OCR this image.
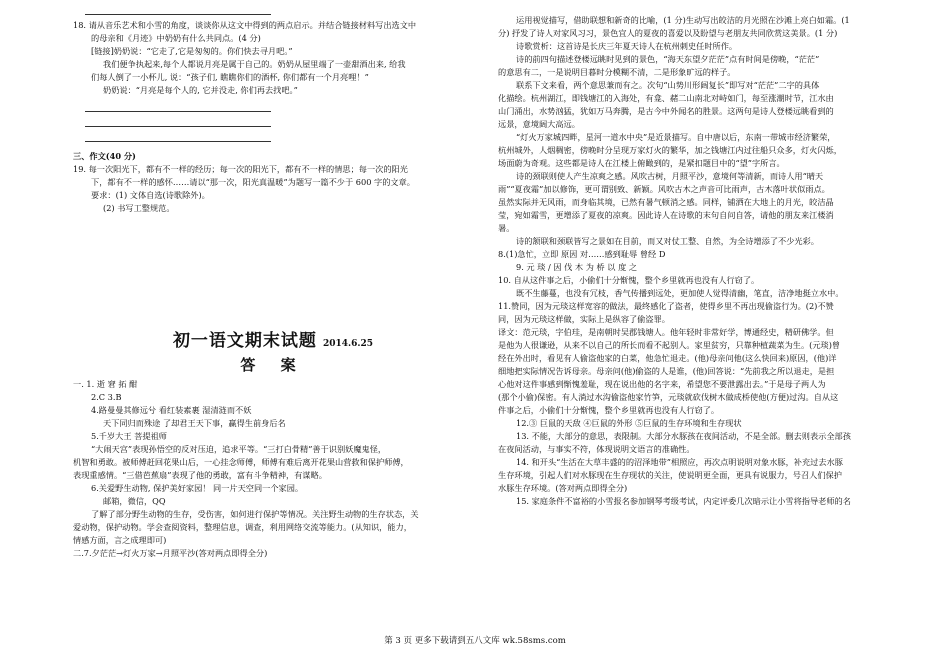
18. 请从音乐艺术和小雪的角度，谈谈你从这文中得到的两点启示。并结合链接材料写出选文中
的母亲和《月迹》中奶奶有什么共同点。(4 分)
[链接]奶奶说：“它走了,它是匆匆的。你们快去寻月吧。”
我们便争执起来,每个人都说月亮是属于自己的。奶奶从屋里端了一壶甜酒出来, 给我
们每人倒了一小杯儿, 说：“孩子们, 瞧瞧你们的酒杯, 你们都有一个月亮哩！”
奶奶说：“月亮是每个人的, 它并没走, 你们再去找吧。”
三、作文(40 分)
19. 每一次阳光下，都有不一样的经历；每一次的阳光下，都有不一样的情思；每一次的阳光
下，都有不一样的感怀……请以“那一次，阳光真温暖”为题写一篇不少于 600 字的文章。
要求：(1) 文体自选(诗歌除外)。
(2) 书写工整规范。
初一语文期末试题 2014.6.25
答 案
一. 1. 逝 窘 拓 酣
2.C 3.B
4.路曼曼其修远兮 看红装素裹 湿清涟而不妖
天下同归而殊途 了却君王天下事，赢得生前身后名
5.千岁大王 菩提祖师
“大闹天宫”表现孙悟空的反对压迫，追求平等。“三打白骨精”善于识别妖魔鬼怪，
机智和勇敢。被师傅赶回花果山后，一心挂念师傅，师傅有难后离开花果山营救和保护师傅，
表现重感情。“三借芭蕉扇”表现了他的勇敢，富有斗争精神，有谋略。
6.关爱野生动物, 保护美好家园！ 同一片天空同一个家园。
邮箱，微信，QQ
了解了部分野生动物的生存，受伤害，如何进行保护等情况。关注野生动物的生存状态，关
爱动物，保护动物。学会查阅资料，整理信息，调查，利用网络交流等能力。(从知识，能力，
情感方面，言之成理即可)
二.7.夕茫茫→灯火万家→月照平沙(答对两点即得全分)
运用视觉描写，借助联想和新奇的比喻，(1 分)生动写出皎洁的月光照在沙滩上亮白如霜。(1
分) 抒发了诗人对家风习习，景色宜人的夏夜的喜爱以及盼望与老朋友共同欣赏这美景。(1 分)
诗歌赏析：这首诗是长庆三年夏天诗人在杭州刺史任时所作。
诗的前四句描述登楼远眺时见到的景色，“海天东望夕茫茫”点有时间是傍晚，“茫茫”
的意思有二，一是说明目暮时分模糊不清，二是形象旷远的样子。
联系下文来看，两个意思兼而有之。次句“山势川形阔复长”即写对“茫茫”二字的具体
化描绘。杭州湖江，即钱塘江的入海处，有龛、赭二山南北对峙如门，每至涨潮时节，江水由
山门涌出，水势汹猛，犹如万马奔腾，是古今中外闻名的胜景。这两句是诗人登楼远眺看到的
远景，意境阔大高远。
“灯火万家城四畔，星河一道水中央”是近景描写。自中唐以后，东南一带城市经济繁荣，
杭州城外，人烟稠密，傍晚时分呈现万家灯火的繁华，加之钱塘江内过往船只众多，灯火闪烁，
场面蔚为奇观。这些都是诗人在江楼上俯瞰到的，是紧扣题目中的“望”字所言。
诗的颈联则使人产生凉爽之感。风吹古树，月照平沙，意境何等清新，而诗人用“晴天
雨”“夏夜霜”加以修饰，更可谓别致、新颖。风吹古木之声音可比雨声，古木落叶状似雨点。
虽然实际并无风雨，而身临其境，已然有暑气顿消之感。同样，铺洒在大地上的月光，皎洁晶
莹，宛如霜雪，更增添了夏夜的凉爽。因此诗人在诗歌的末句自问自答，请他的朋友来江楼消
暑。
诗的颔联和颈联皆写之景如在目前，而又对仗工整、自然，为全诗增添了不少光彩。
8.(1)急忙，立即 原因 对……感到耻辱 曾经 D
9. 元 琰 / 因 伐 木 为 桥 以 度 之
10. 自从这件事之后，小偷们十分惭愧，整个乡里就再也没有人行窃了。
既不生藤蔓，也没有冗枝，香气传播到远处，更加使人觉得清幽，笔直，洁净地挺立水中。
11.赞同，因为元琰这样宽容的做法，最终感化了盗者，使得乡里不再出现偷盗行为。(2)不赞
同，因为元琰这样做，实际上是纵容了偷盗罪。
译文：范元琰，字伯珪，是南朝时吴郡钱塘人。他年轻时非常好学，博通经史，精研佛学。但
是他为人很谦逊，从来不以自己的所长而看不起别人。家里贫穷，只靠种植蔬菜为生。(元琰)曾
经在外出时，看见有人偷盗他家的白菜，他急忙退走。(他)母亲问他(这么快回来)原因，(他)详
细地把实际情况告诉母亲。母亲问(他)偷盗的人是谁，(他)回答说：“先前我之所以退走，是担
心他对这件事感到惭愧羞耻，现在说出他的名字来，希望您不要泄露出去。”于是母子两人为
(那个小偷)保密。有人淌过水沟偷盗他家竹笋，元琰就砍伐树木做成桥使他(方便)过沟。自从这
件事之后，小偷们十分惭愧，整个乡里就再也没有人行窃了。
12.③ 巨鼠的天敌 ④巨鼠的外形 ⑤巨鼠的生存环境和生存现状
13. 不能，大部分的意思，表限制。大部分水豚孩在夜间活动，不是全部。删去则表示全部孩
在夜间活动，与事实不符，体现说明文语言的准确性。
14. 和开头“生活在大草丰盛的的沼泽地带”相照应，再次点明说明对象水豚，补充过去水豚
生存环境，引起人们对水豚现在生存现状的关注，使说明更全面，更具有说服力，号召人们保护
水豚生存环境。(答对两点即得全分)
15. 家庭条件不富裕的小雪报名参加钢琴考级考试，内定评委几次暗示让小雪将指导老师的名
第 3 页 更多下载请到五八文库 wk.58sms.com
